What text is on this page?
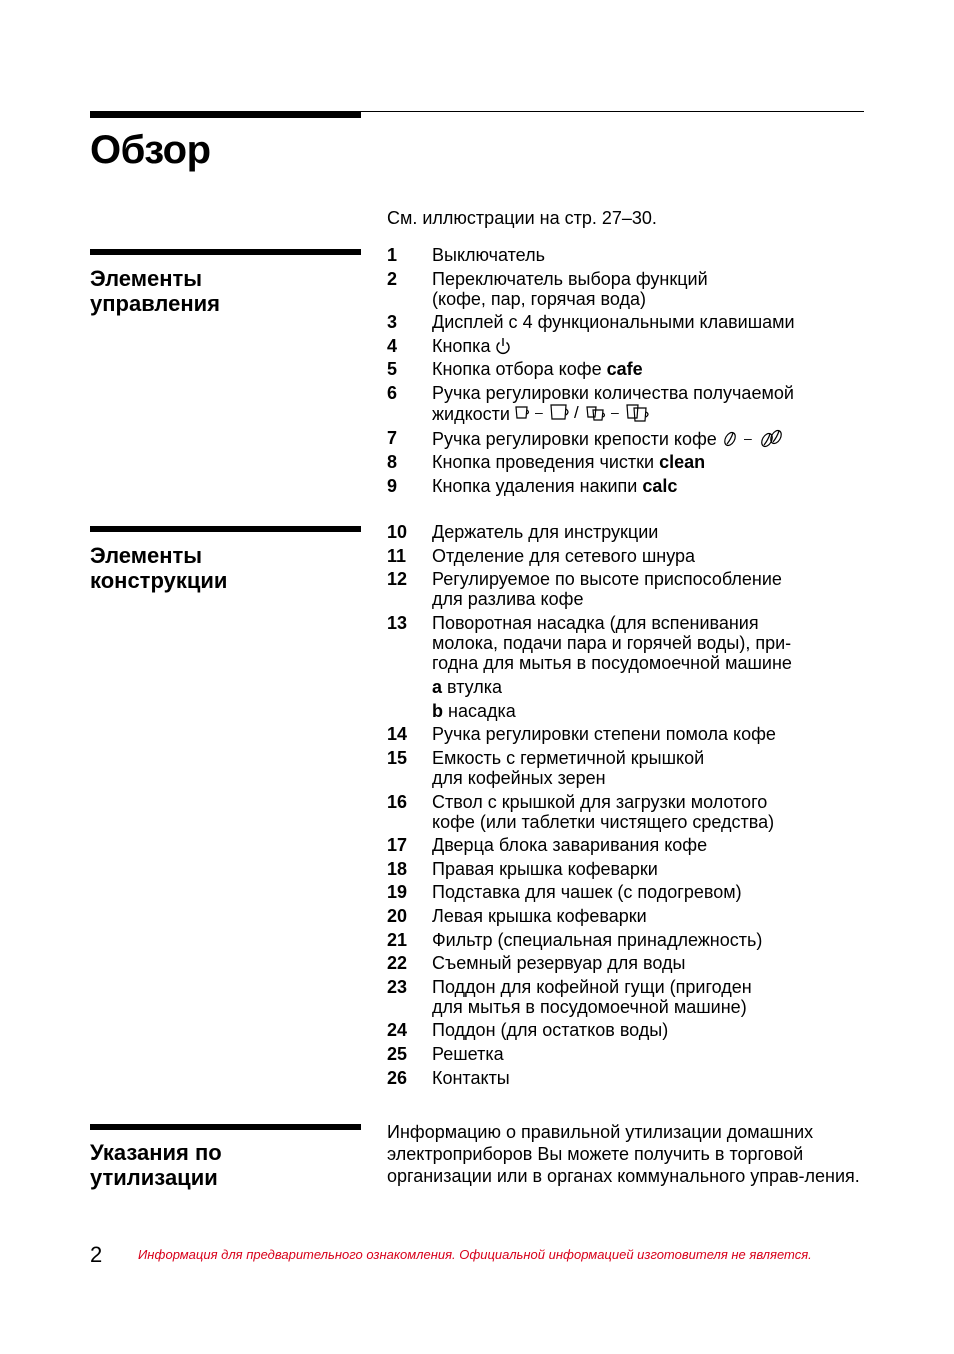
Обзор

См. иллюстрации на стр. 27–30.

Элементы
управления
1	Выключатель
2	Переключатель выбора функций
(кофе, пар, горячая вода)
3	Дисплей с 4 функциональными клавишами
4	Кнопка
5	Кнопка отбора кофе cafe
6	Ручка регулировки количества получаемой
жидкости – / –
7	Ручка регулировки крепости кофе –
8	Кнопка проведения чистки clean
9	Кнопка удаления накипи calc
Элементы
конструкции
10	Держатель для инструкции
11	Отделение для сетевого шнура
12	Регулируемое по высоте приспособление
для разлива кофе
13	Поворотная насадка (для вспенивания
молока, подачи пара и горячей воды), при-
годна для мытья в посудомоечной машине
a втулка
b насадка
14	Ручка регулировки степени помола кофе
15	Емкость с герметичной крышкой
для кофейных зерен
16	Ствол с крышкой для загрузки молотого
кофе (или таблетки чистящего средства)
17	Дверца блока заваривания кофе
18	Правая крышка кофеварки
19	Подставка для чашек (с подогревом)
20	Левая крышка кофеварки
21	Фильтр (специальная принадлежность)
22	Съемный резервуар для воды
23	Поддон для кофейной гущи (пригоден
для мытья в посудомоечной машине)
24	Поддон (для остатков воды)
25	Решетка
26	Контакты
Указания по
утилизации

Информацию о правильной утилизации домашних электроприборов Вы можете получить в торговой организации или в органах коммунального управ-ления.

2	Информация для предварительного ознакомления. Официальной информацией изготовителя не является.
